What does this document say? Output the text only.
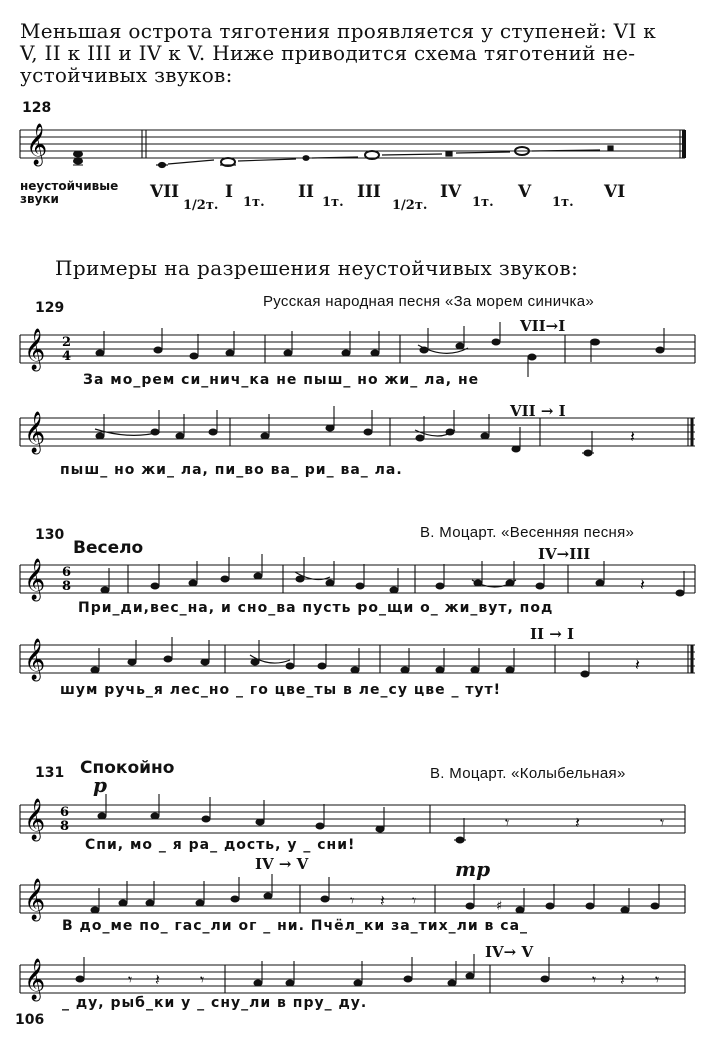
Меньшая острота тяготения проявляется у ступеней: VI к
V, II к III и IV к V. Ниже приводится схема тяготений не-
устойчивых звуков:
128
𝄞
неустойчивые
звуки	VII
1/2т.
I
1т.
II
1т.
III
1/2т.
IV
1т.
V
1т.
VI
Примеры на разрешения неустойчивых звуков:
129	Русская народная песня «За морем синичка»
VII→I
За мо_рем си_нич_ка не пыш_ но жи_ ла, не
VII → I
пыш_ но жи_ ла, пи_во ва_ ри_ ва_ ла.
𝄞
𝄞
2
4
𝄽
130
Весело
В. Моцарт. «Весенняя песня»
IV→III
При_ди,вес_на, и сно_ва пусть ро_щи о_ жи_вут, под
II → I
шум ручь_я лес_но _ го цве_ты в ле_су цве _ тут!
𝄞
𝄞
6
8	𝄽
𝄽
131 Спокойно	В. Моцарт. «Колыбельная»
p
Спи, мо _ я ра_ дость, у _ сни!
IV → V	mp
В до_ме по_ гас_ли ог _ ни. Пчёл_ки за_тих_ли в са_
IV→ V
_ ду, рыб_ки у _ сну_ли в пру_ ду.
𝄞
𝄞
𝄞
6
8
♯
𝄾	𝄽	𝄾
𝄾 𝄽 𝄾
𝄾 𝄽	𝄾	𝄾 𝄽 𝄾
106
